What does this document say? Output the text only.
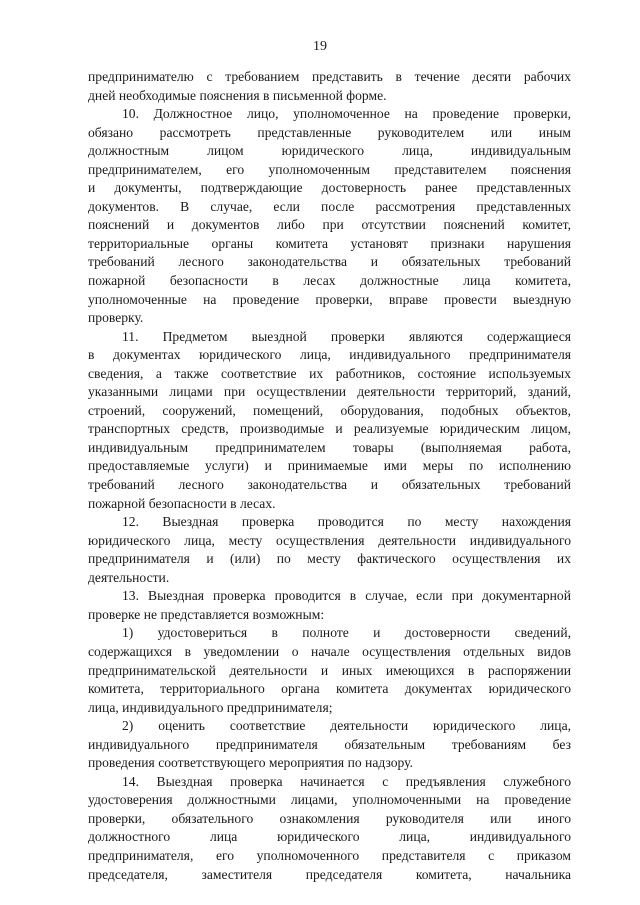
19
предпринимателю с требованием представить в течение десяти рабочих
дней необходимые пояснения в письменной форме.
10. Должностное лицо, уполномоченное на проведение проверки,
обязано рассмотреть представленные руководителем или иным
должностным лицом юридического лица, индивидуальным
предпринимателем, его уполномоченным представителем пояснения
и документы, подтверждающие достоверность ранее представленных
документов. В случае, если после рассмотрения представленных
пояснений и документов либо при отсутствии пояснений комитет,
территориальные органы комитета установят признаки нарушения
требований лесного законодательства и обязательных требований
пожарной безопасности в лесах должностные лица комитета,
уполномоченные на проведение проверки, вправе провести выездную
проверку.
11. Предметом выездной проверки являются содержащиеся
в документах юридического лица, индивидуального предпринимателя
сведения, а также соответствие их работников, состояние используемых
указанными лицами при осуществлении деятельности территорий, зданий,
строений, сооружений, помещений, оборудования, подобных объектов,
транспортных средств, производимые и реализуемые юридическим лицом,
индивидуальным предпринимателем товары (выполняемая работа,
предоставляемые услуги) и принимаемые ими меры по исполнению
требований лесного законодательства и обязательных требований
пожарной безопасности в лесах.
12. Выездная проверка проводится по месту нахождения
юридического лица, месту осуществления деятельности индивидуального
предпринимателя и (или) по месту фактического осуществления их
деятельности.
13. Выездная проверка проводится в случае, если при документарной
проверке не представляется возможным:
1) удостовериться в полноте и достоверности сведений,
содержащихся в уведомлении о начале осуществления отдельных видов
предпринимательской деятельности и иных имеющихся в распоряжении
комитета, территориального органа комитета документах юридического
лица, индивидуального предпринимателя;
2) оценить соответствие деятельности юридического лица,
индивидуального предпринимателя обязательным требованиям без
проведения соответствующего мероприятия по надзору.
14. Выездная проверка начинается с предъявления служебного
удостоверения должностными лицами, уполномоченными на проведение
проверки, обязательного ознакомления руководителя или иного
должностного лица юридического лица, индивидуального
предпринимателя, его уполномоченного представителя с приказом
председателя, заместителя председателя комитета, начальника
